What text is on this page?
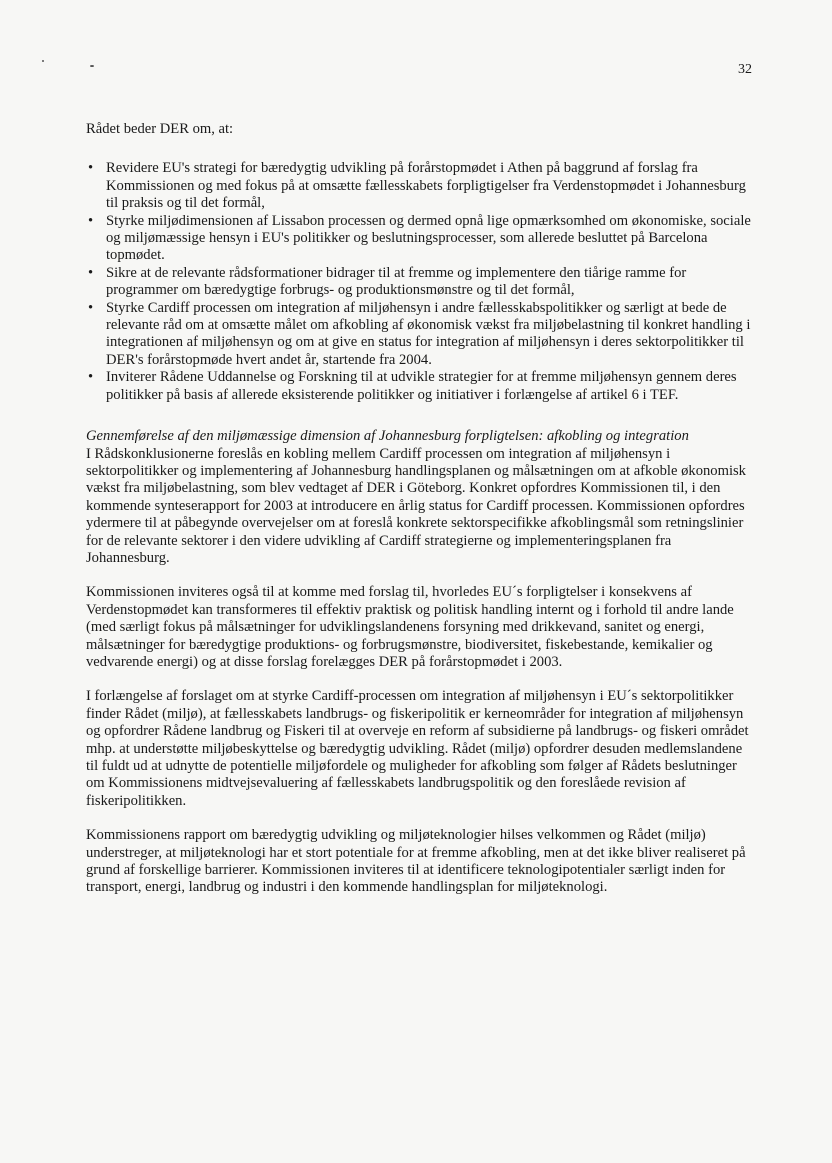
32

Rådet beder DER om, at:

• Revidere EU's strategi for bæredygtig udvikling på forårstopmødet i Athen på baggrund af forslag fra Kommissionen og med fokus på at omsætte fællesskabets forpligtigelser fra Verdenstopmødet i Johannesburg til praksis og til det formål,
• Styrke miljødimensionen af Lissabon processen og dermed opnå lige opmærksomhed om økonomiske, sociale og miljømæssige hensyn i EU's politikker og beslutningsprocesser, som allerede besluttet på Barcelona topmødet.
• Sikre at de relevante rådsformationer bidrager til at fremme og implementere den tiårige ramme for programmer om bæredygtige forbrugs- og produktionsmønstre og til det formål,
• Styrke Cardiff processen om integration af miljøhensyn i andre fællesskabspolitikker og særligt at bede de relevante råd om at omsætte målet om afkobling af økonomisk vækst fra miljøbelastning til konkret handling i integrationen af miljøhensyn og om at give en status for integration af miljøhensyn i deres sektorpolitikker til DER's forårstopmøde hvert andet år, startende fra 2004.
• Inviterer Rådene Uddannelse og Forskning til at udvikle strategier for at fremme miljøhensyn gennem deres politikker på basis af allerede eksisterende politikker og initiativer i forlængelse af artikel 6 i TEF.

Gennemførelse af den miljømæssige dimension af Johannesburg forpligtelsen: afkobling og integration

I Rådskonklusionerne foreslås en kobling mellem Cardiff processen om integration af miljøhensyn i sektorpolitikker og implementering af Johannesburg handlingsplanen og målsætningen om at afkoble økonomisk vækst fra miljøbelastning, som blev vedtaget af DER i Göteborg. Konkret opfordres Kommissionen til, i den kommende synteserapport for 2003 at introducere en årlig status for Cardiff processen. Kommissionen opfordres ydermere til at påbegynde overvejelser om at foreslå konkrete sektorspecifikke afkoblingsmål som retningslinier for de relevante sektorer i den videre udvikling af Cardiff strategierne og implementeringsplanen fra Johannesburg.

Kommissionen inviteres også til at komme med forslag til, hvorledes EU´s forpligtelser i konsekvens af Verdenstopmødet kan transformeres til effektiv praktisk og politisk handling internt og i forhold til andre lande (med særligt fokus på målsætninger for udviklingslandenens forsyning med drikkevand, sanitet og energi, målsætninger for bæredygtige produktions- og forbrugsmønstre, biodiversitet, fiskebestande, kemikalier og vedvarende energi) og at disse forslag forelægges DER på forårstopmødet i 2003.

I forlængelse af forslaget om at styrke Cardiff-processen om integration af miljøhensyn i EU´s sektorpolitikker finder Rådet (miljø), at fællesskabets landbrugs- og fiskeripolitik er kerneområder for integration af miljøhensyn og opfordrer Rådene landbrug og Fiskeri til at overveje en reform af subsidierne på landbrugs- og fiskeri området mhp. at understøtte miljøbeskyttelse og bæredygtig udvikling. Rådet (miljø) opfordrer desuden medlemslandene til fuldt ud at udnytte de potentielle miljøfordele og muligheder for afkobling som følger af Rådets beslutninger om Kommissionens midtvejsevaluering af fællesskabets landbrugspolitik og den foreslåede revision af fiskeripolitikken.

Kommissionens rapport om bæredygtig udvikling og miljøteknologier hilses velkommen og Rådet (miljø) understreger, at miljøteknologi har et stort potentiale for at fremme afkobling, men at det ikke bliver realiseret på grund af forskellige barrierer. Kommissionen inviteres til at identificere teknologipotentialer særligt inden for transport, energi, landbrug og industri i den kommende handlingsplan for miljøteknologi.
